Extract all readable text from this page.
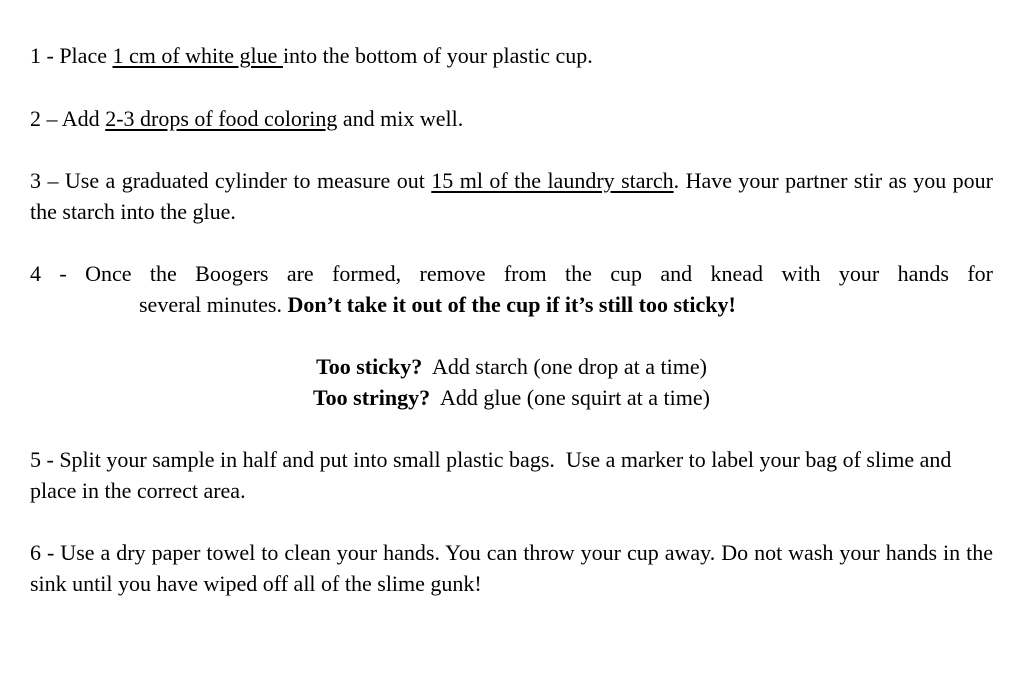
1 - Place 1 cm of white glue into the bottom of your plastic cup.

2 – Add 2-3 drops of food coloring and mix well.

3 – Use a graduated cylinder to measure out 15 ml of the laundry starch. Have your partner stir as you pour the starch into the glue.

4 - Once the Boogers are formed, remove from the cup and knead with your hands for
several minutes. Don’t take it out of the cup if it’s still too sticky!
Too sticky?  Add starch (one drop at a time)
Too stringy?  Add glue (one squirt at a time)

5 - Split your sample in half and put into small plastic bags.  Use a marker to label your bag of slime and place in the correct area.

6 - Use a dry paper towel to clean your hands. You can throw your cup away. Do not wash your hands in the sink until you have wiped off all of the slime gunk!
